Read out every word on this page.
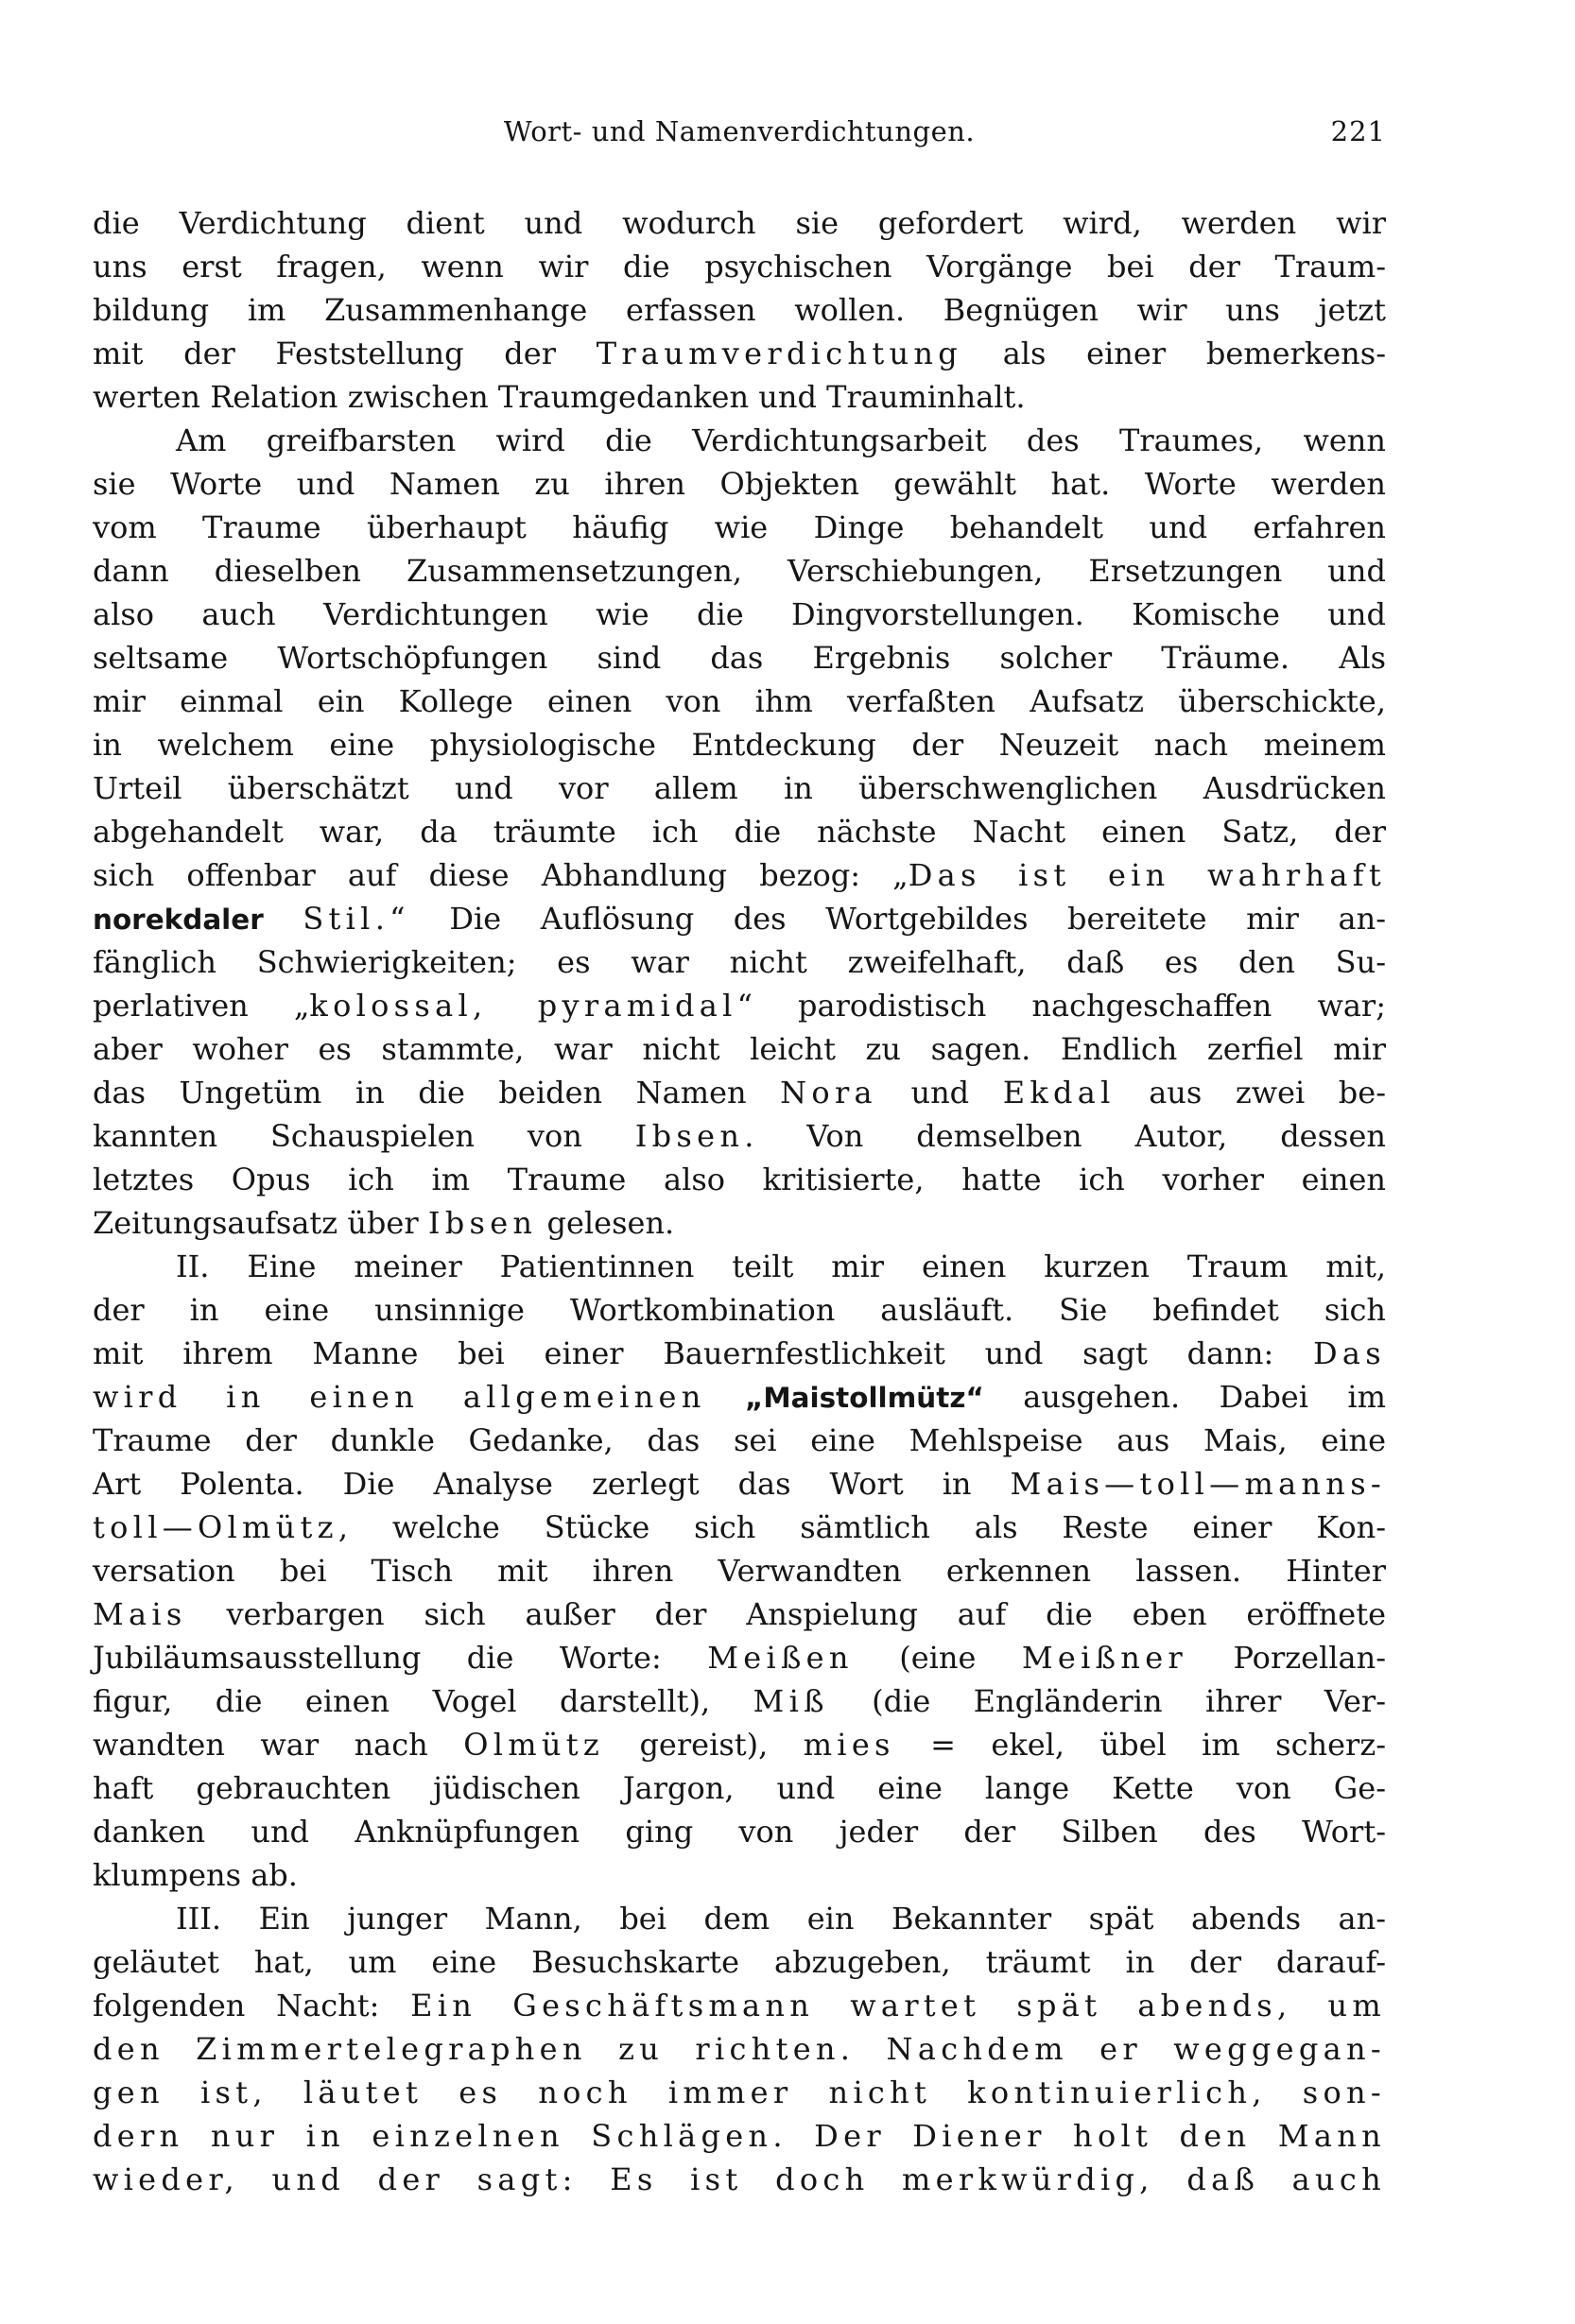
Wort- und Namenverdichtungen.	221
die Verdichtung dient und wodurch sie gefordert wird, werden wir
uns erst fragen, wenn wir die psychischen Vorgänge bei der Traum-
bildung im Zusammenhange erfassen wollen. Begnügen wir uns jetzt
mit der Feststellung der Traumverdichtung als einer bemerkens-
werten Relation zwischen Traumgedanken und Trauminhalt.
Am greifbarsten wird die Verdichtungsarbeit des Traumes, wenn
sie Worte und Namen zu ihren Objekten gewählt hat. Worte werden
vom Traume überhaupt häufig wie Dinge behandelt und erfahren
dann dieselben Zusammensetzungen, Verschiebungen, Ersetzungen und
also auch Verdichtungen wie die Dingvorstellungen. Komische und
seltsame Wortschöpfungen sind das Ergebnis solcher Träume. Als
mir einmal ein Kollege einen von ihm verfaßten Aufsatz überschickte,
in welchem eine physiologische Entdeckung der Neuzeit nach meinem
Urteil überschätzt und vor allem in überschwenglichen Ausdrücken
abgehandelt war, da träumte ich die nächste Nacht einen Satz, der
sich offenbar auf diese Abhandlung bezog: „Das ist ein wahrhaft
norekdaler Stil.“ Die Auflösung des Wortgebildes bereitete mir an-
fänglich Schwierigkeiten; es war nicht zweifelhaft, daß es den Su-
perlativen „kolossal, pyramidal“ parodistisch nachgeschaffen war;
aber woher es stammte, war nicht leicht zu sagen. Endlich zerfiel mir
das Ungetüm in die beiden Namen Nora und Ekdal aus zwei be-
kannten Schauspielen von Ibsen. Von demselben Autor, dessen
letztes Opus ich im Traume also kritisierte, hatte ich vorher einen
Zeitungsaufsatz über Ibsen gelesen.
II. Eine meiner Patientinnen teilt mir einen kurzen Traum mit,
der in eine unsinnige Wortkombination ausläuft. Sie befindet sich
mit ihrem Manne bei einer Bauernfestlichkeit und sagt dann: Das
wird in einen allgemeinen „Maistollmütz“ ausgehen. Dabei im
Traume der dunkle Gedanke, das sei eine Mehlspeise aus Mais, eine
Art Polenta. Die Analyse zerlegt das Wort in Mais—toll—manns-
toll—Olmütz, welche Stücke sich sämtlich als Reste einer Kon-
versation bei Tisch mit ihren Verwandten erkennen lassen. Hinter
Mais verbargen sich außer der Anspielung auf die eben eröffnete
Jubiläumsausstellung die Worte: Meißen (eine Meißner Porzellan-
figur, die einen Vogel darstellt), Miß (die Engländerin ihrer Ver-
wandten war nach Olmütz gereist), mies = ekel, übel im scherz-
haft gebrauchten jüdischen Jargon, und eine lange Kette von Ge-
danken und Anknüpfungen ging von jeder der Silben des Wort-
klumpens ab.
III. Ein junger Mann, bei dem ein Bekannter spät abends an-
geläutet hat, um eine Besuchskarte abzugeben, träumt in der darauf-
folgenden Nacht: Ein Geschäftsmann wartet spät abends, um
den Zimmertelegraphen zu richten. Nachdem er weggegan-
gen ist, läutet es noch immer nicht kontinuierlich, son-
dern nur in einzelnen Schlägen. Der Diener holt den Mann
wieder, und der sagt: Es ist doch merkwürdig, daß auch
